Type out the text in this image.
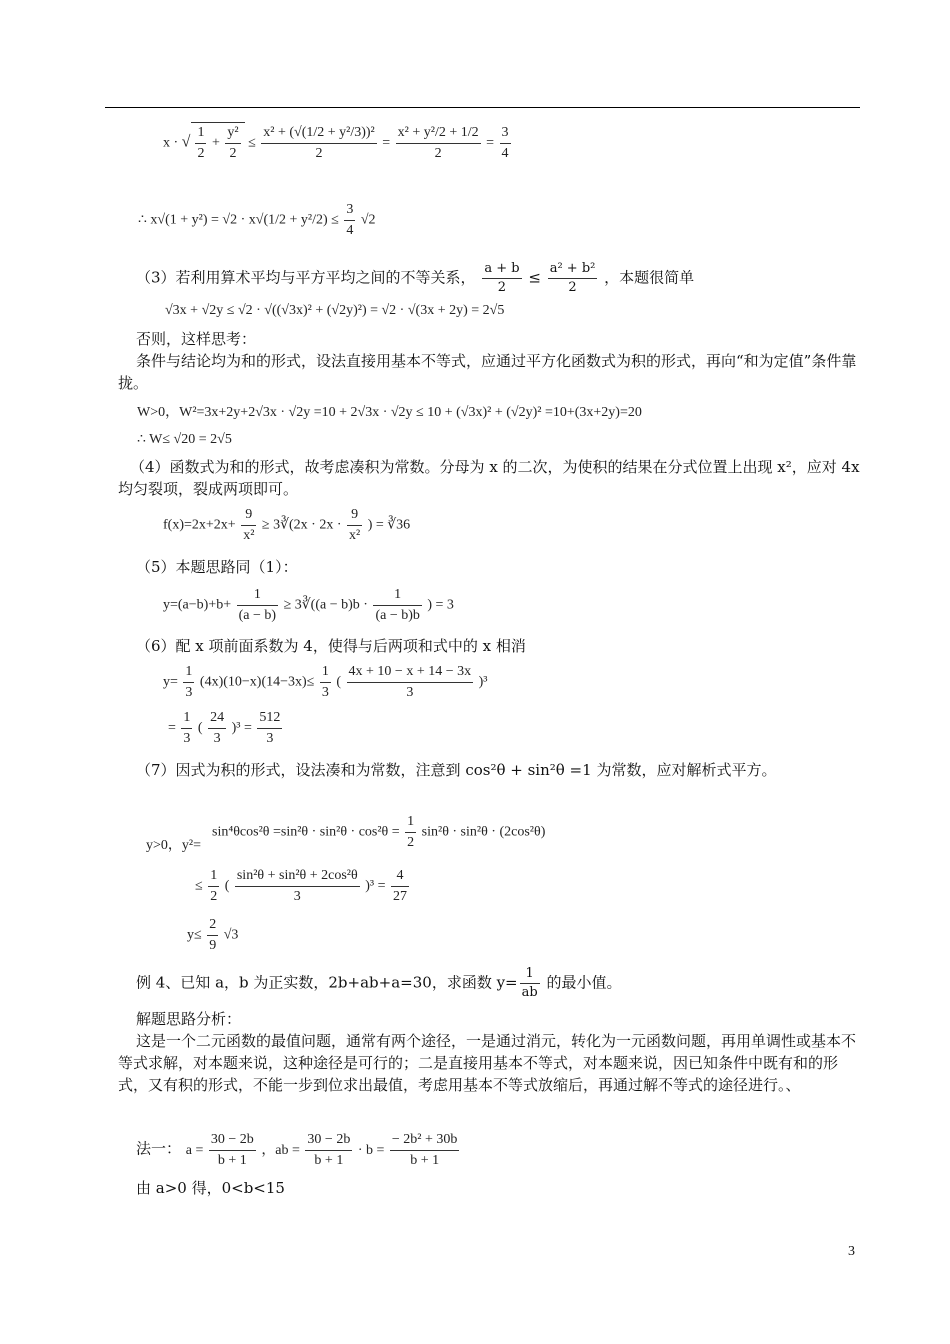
x · √ $\frac{1}{2} + \frac{\text{y²}}{2} \le \frac{\text{x² + (√(1/2 + y²/3))²}}{2} = \frac{\text{x² + y²/2 + 1/2}}{2} = \frac{3}{4}$
∴ $x√(1 + y^2) = √2 \cdot x√(1/2 + y^2/2) \le \frac{3}{4} √2$
（3）若利用算术平均与平方平均之间的不等关系， $\frac{a + b}{2} \le \frac{\text{a² + b²}}{2}$ ，本题很简单
√3x + √2y ≤ √2 · √((√3x)² + (√2y)²) = √2 · √(3x + 2y) = 2√5
否则，这样思考：
条件与结论均为和的形式，设法直接用基本不等式，应通过平方化函数式为积的形式，再向“和为定值”条件靠拢。
W>0，W²=3x+2y+2√3x · √2y =10 + 2√3x · √2y ≤ 10 + (√3x)² + (√2y)² =10+(3x+2y)=20
∴ W≤ √20 = 2√5
（4）函数式为和的形式，故考虑凑积为常数。分母为 x 的二次，为使积的结果在分式位置上出现 x²，应对 4x 均匀裂项，裂成两项即可。
$f(x)=2x+2x+ \frac{9}{\text{x²}}$ ≥ 3∛(2x · $2x \cdot \frac{9}{\text{x²}}$ ) = ∛36
（5）本题思路同（1）：
$y=(a-b)+b+ \frac{1}{(a - b)}$ ≥ 3∛((a − $b)b \cdot \frac{1}{(a - b)b}$ ) = 3
（6）配 x 项前面系数为 4，使得与后两项和式中的 x 相消
$y= \frac{1}{3} (4x)(10-x)(14-3x)\le \frac{1}{3}$ ( $\frac{4x + 10 - x + 14 - 3x}{3} )^3$
= $\frac{1}{3}$ ( $\frac{24}{3} )^3 = \frac{512}{3}$
（7）因式为积的形式，设法凑和为常数，注意到 cos²θ + sin²θ =1 为常数，应对解析式平方。
$\sin^4\theta\cos^2\theta =\sin^2\theta \cdot \sin^2\theta \cdot \cos^2\theta = \frac{1}{2} \sin^2\theta \cdot \sin^2\theta \cdot (2\cos^2\theta)$
y>0，y²=
≤ $\frac{1}{2}$ ( $\frac{\text{sin²θ + sin²θ + 2cos²θ}}{3} )^3 = \frac{4}{27}$
$y\le \frac{2}{9} √3$
例 4、已知 a，b 为正实数，2b+ab+a=30，求函数 $y= \frac{1}{ab}$ 的最小值。
解题思路分析：
这是一个二元函数的最值问题，通常有两个途径，一是通过消元，转化为一元函数问题，再用单调性或基本不等式求解，对本题来说，这种途径是可行的；二是直接用基本不等式，对本题来说，因已知条件中既有和的形式，又有积的形式，不能一步到位求出最值，考虑用基本不等式放缩后，再通过解不等式的途径进行。、
法一： $a = \frac{30 - 2b}{b + 1}$ ，ab = $\frac{30 - 2b}{b + 1} \cdot b = \frac{\text{− 2b² + 30b}}{b + 1}$
由 a>0 得，0<b<15
3
